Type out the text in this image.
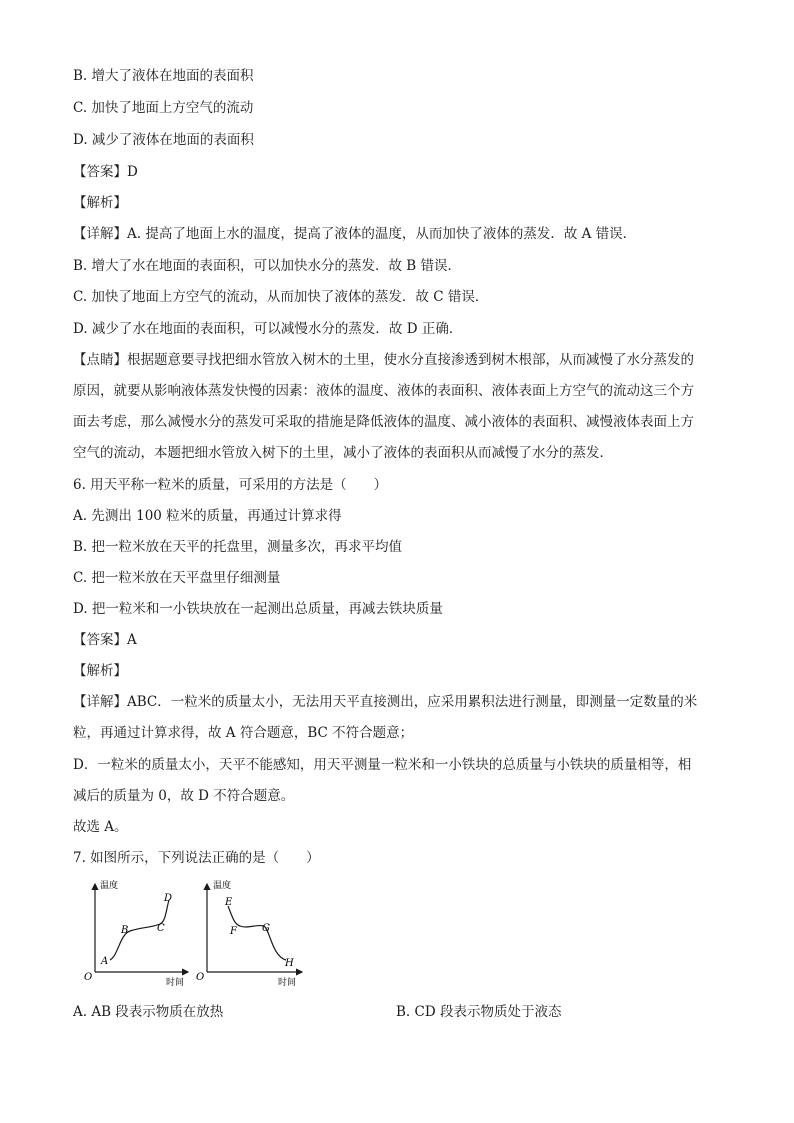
B. 增大了液体在地面的表面积
C. 加快了地面上方空气的流动
D. 减少了液体在地面的表面积
【答案】D
【解析】
【详解】A. 提高了地面上水的温度，提高了液体的温度，从而加快了液体的蒸发．故 A 错误．
B. 增大了水在地面的表面积，可以加快水分的蒸发．故 B 错误．
C. 加快了地面上方空气的流动，从而加快了液体的蒸发．故 C 错误．
D. 减少了水在地面的表面积，可以减慢水分的蒸发．故 D 正确．
【点睛】根据题意要寻找把细水管放入树木的土里，使水分直接渗透到树木根部，从而减慢了水分蒸发的
原因，就要从影响液体蒸发快慢的因素：液体的温度、液体的表面积、液体表面上方空气的流动这三个方
面去考虑，那么减慢水分的蒸发可采取的措施是降低液体的温度、减小液体的表面积、减慢液体表面上方
空气的流动，本题把细水管放入树下的土里，减小了液体的表面积从而减慢了水分的蒸发．
6. 用天平称一粒米的质量，可采用的方法是（　　）
A. 先测出 100 粒米的质量，再通过计算求得
B. 把一粒米放在天平的托盘里，测量多次，再求平均值
C. 把一粒米放在天平盘里仔细测量
D. 把一粒米和一小铁块放在一起测出总质量，再减去铁块质量
【答案】A
【解析】
【详解】ABC．一粒米的质量太小，无法用天平直接测出，应采用累积法进行测量，即测量一定数量的米
粒，再通过计算求得，故 A 符合题意，BC 不符合题意；
D．一粒米的质量太小，天平不能感知，用天平测量一粒米和一小铁块的总质量与小铁块的质量相等，相
减后的质量为 0，故 D 不符合题意。
故选 A。
7. 如图所示，下列说法正确的是（　　）
温度
时间
O
A
B	C
D
温度
时间
O
E
F	G
H
A. AB 段表示物质在放热	B. CD 段表示物质处于液态
